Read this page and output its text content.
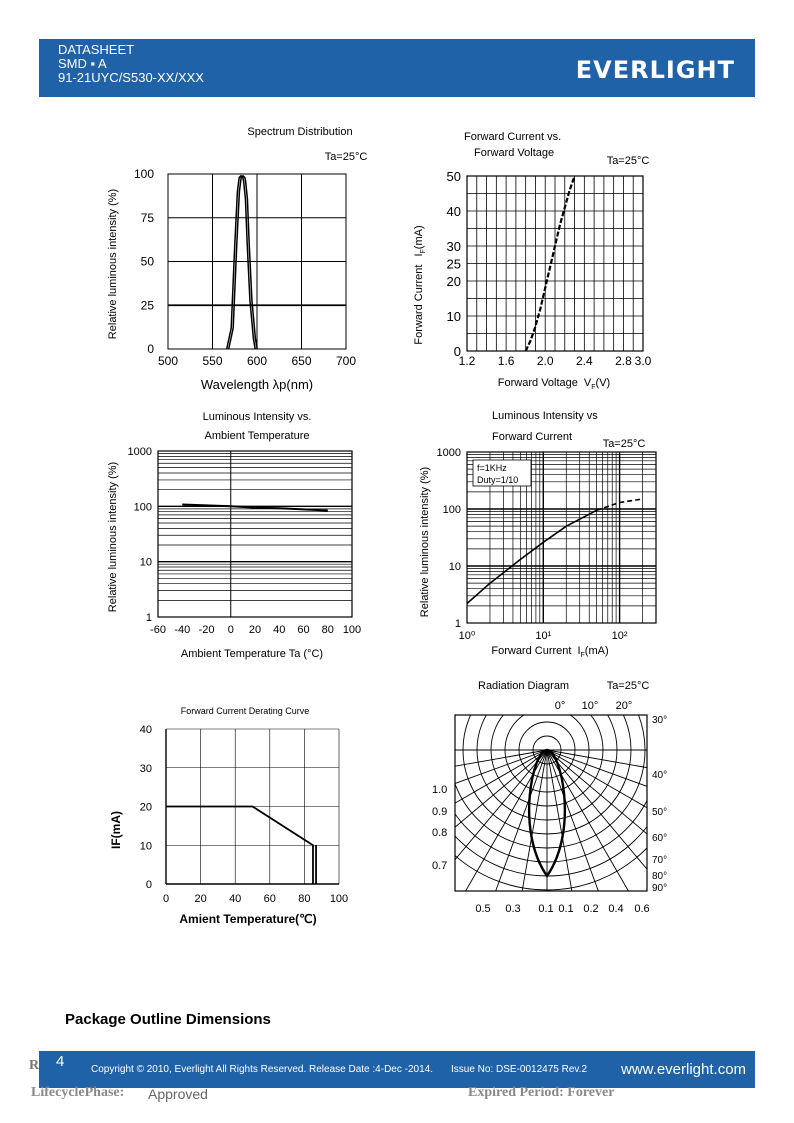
DATASHEET
SMD ▪ A
91-21UYC/S530-XX/XXX	EVERLIGHT
Spectrum Distribution
Ta=25°C
Relative luminous intensity (%)
Wavelength λp(nm)
500 550 600 650 700
0
25
50
75
100
Forward Current vs.
Forward Voltage
Ta=25°C
Forward CurrentI$_F$(mA)
Forward Voltage $V_F(V)$
1.2 1.6 2.0 2.4 2.8 3.0
0
10
20
25
30
40
50
Luminous Intensity vs.
Ambient Temperature
Relative luminous intensity (%)
Ambient Temperature Ta (°C)
-60 -40 -20 0 20 40 60 80 100
1
10
100
1000
Luminous Intensity vs
Forward Current
Ta=25°C
Relative luminous intensity (%)
Forward Current $I_F(mA)$
10⁰	10¹	10²
1
10
100
1000
f=1KHz
Duty=1/10
Forward Current Derating Curve
IF(mA)
Amient Temperature(℃)
0 20 40 60 80 100
0
10
20
30
40
Radiation Diagram	Ta=25°C
0° 10° 20°
30°
40°
50°
60°
70°
80°
90°
1.0
0.9
0.8
0.7
0.5 0.3 0.1 0.1 0.2 0.4 0.6
Package Outline Dimensions
R 4	Copyright © 2010, Everlight All Rights Reserved. Release Date :4-Dec -2014. Issue No: DSE-0012475 Rev.2 www.everlight.com
LifecyclePhase: Approved	Expired Period: Forever
